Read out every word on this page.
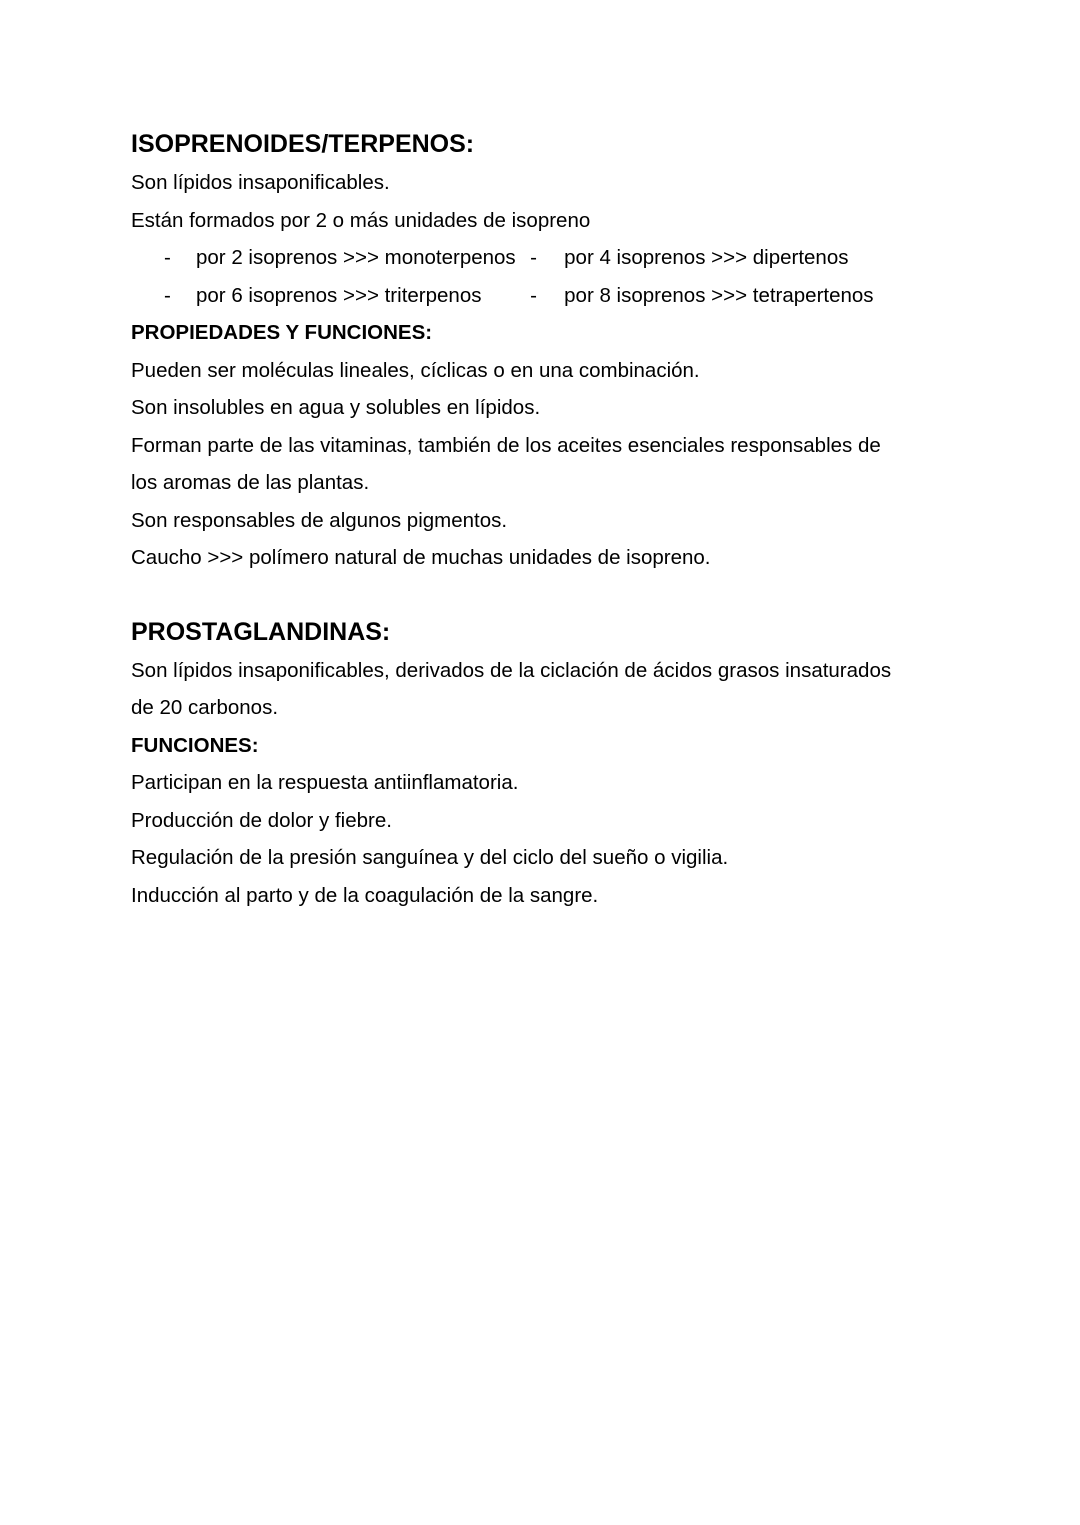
ISOPRENOIDES/TERPENOS:
Son lípidos insaponificables.
Están formados por 2 o más unidades de isopreno
- por 2 isoprenos >>> monoterpenos - por 4 isoprenos >>> dipertenos
- por 6 isoprenos >>> triterpenos	- por 8 isoprenos >>> tetrapertenos
PROPIEDADES Y FUNCIONES:
Pueden ser moléculas lineales, cíclicas o en una combinación.
Son insolubles en agua y solubles en lípidos.
Forman parte de las vitaminas, también de los aceites esenciales responsables de
los aromas de las plantas.
Son responsables de algunos pigmentos.
Caucho >>> polímero natural de muchas unidades de isopreno.
PROSTAGLANDINAS:
Son lípidos insaponificables, derivados de la ciclación de ácidos grasos insaturados
de 20 carbonos.
FUNCIONES:
Participan en la respuesta antiinflamatoria.
Producción de dolor y fiebre.
Regulación de la presión sanguínea y del ciclo del sueño o vigilia.
Inducción al parto y de la coagulación de la sangre.
